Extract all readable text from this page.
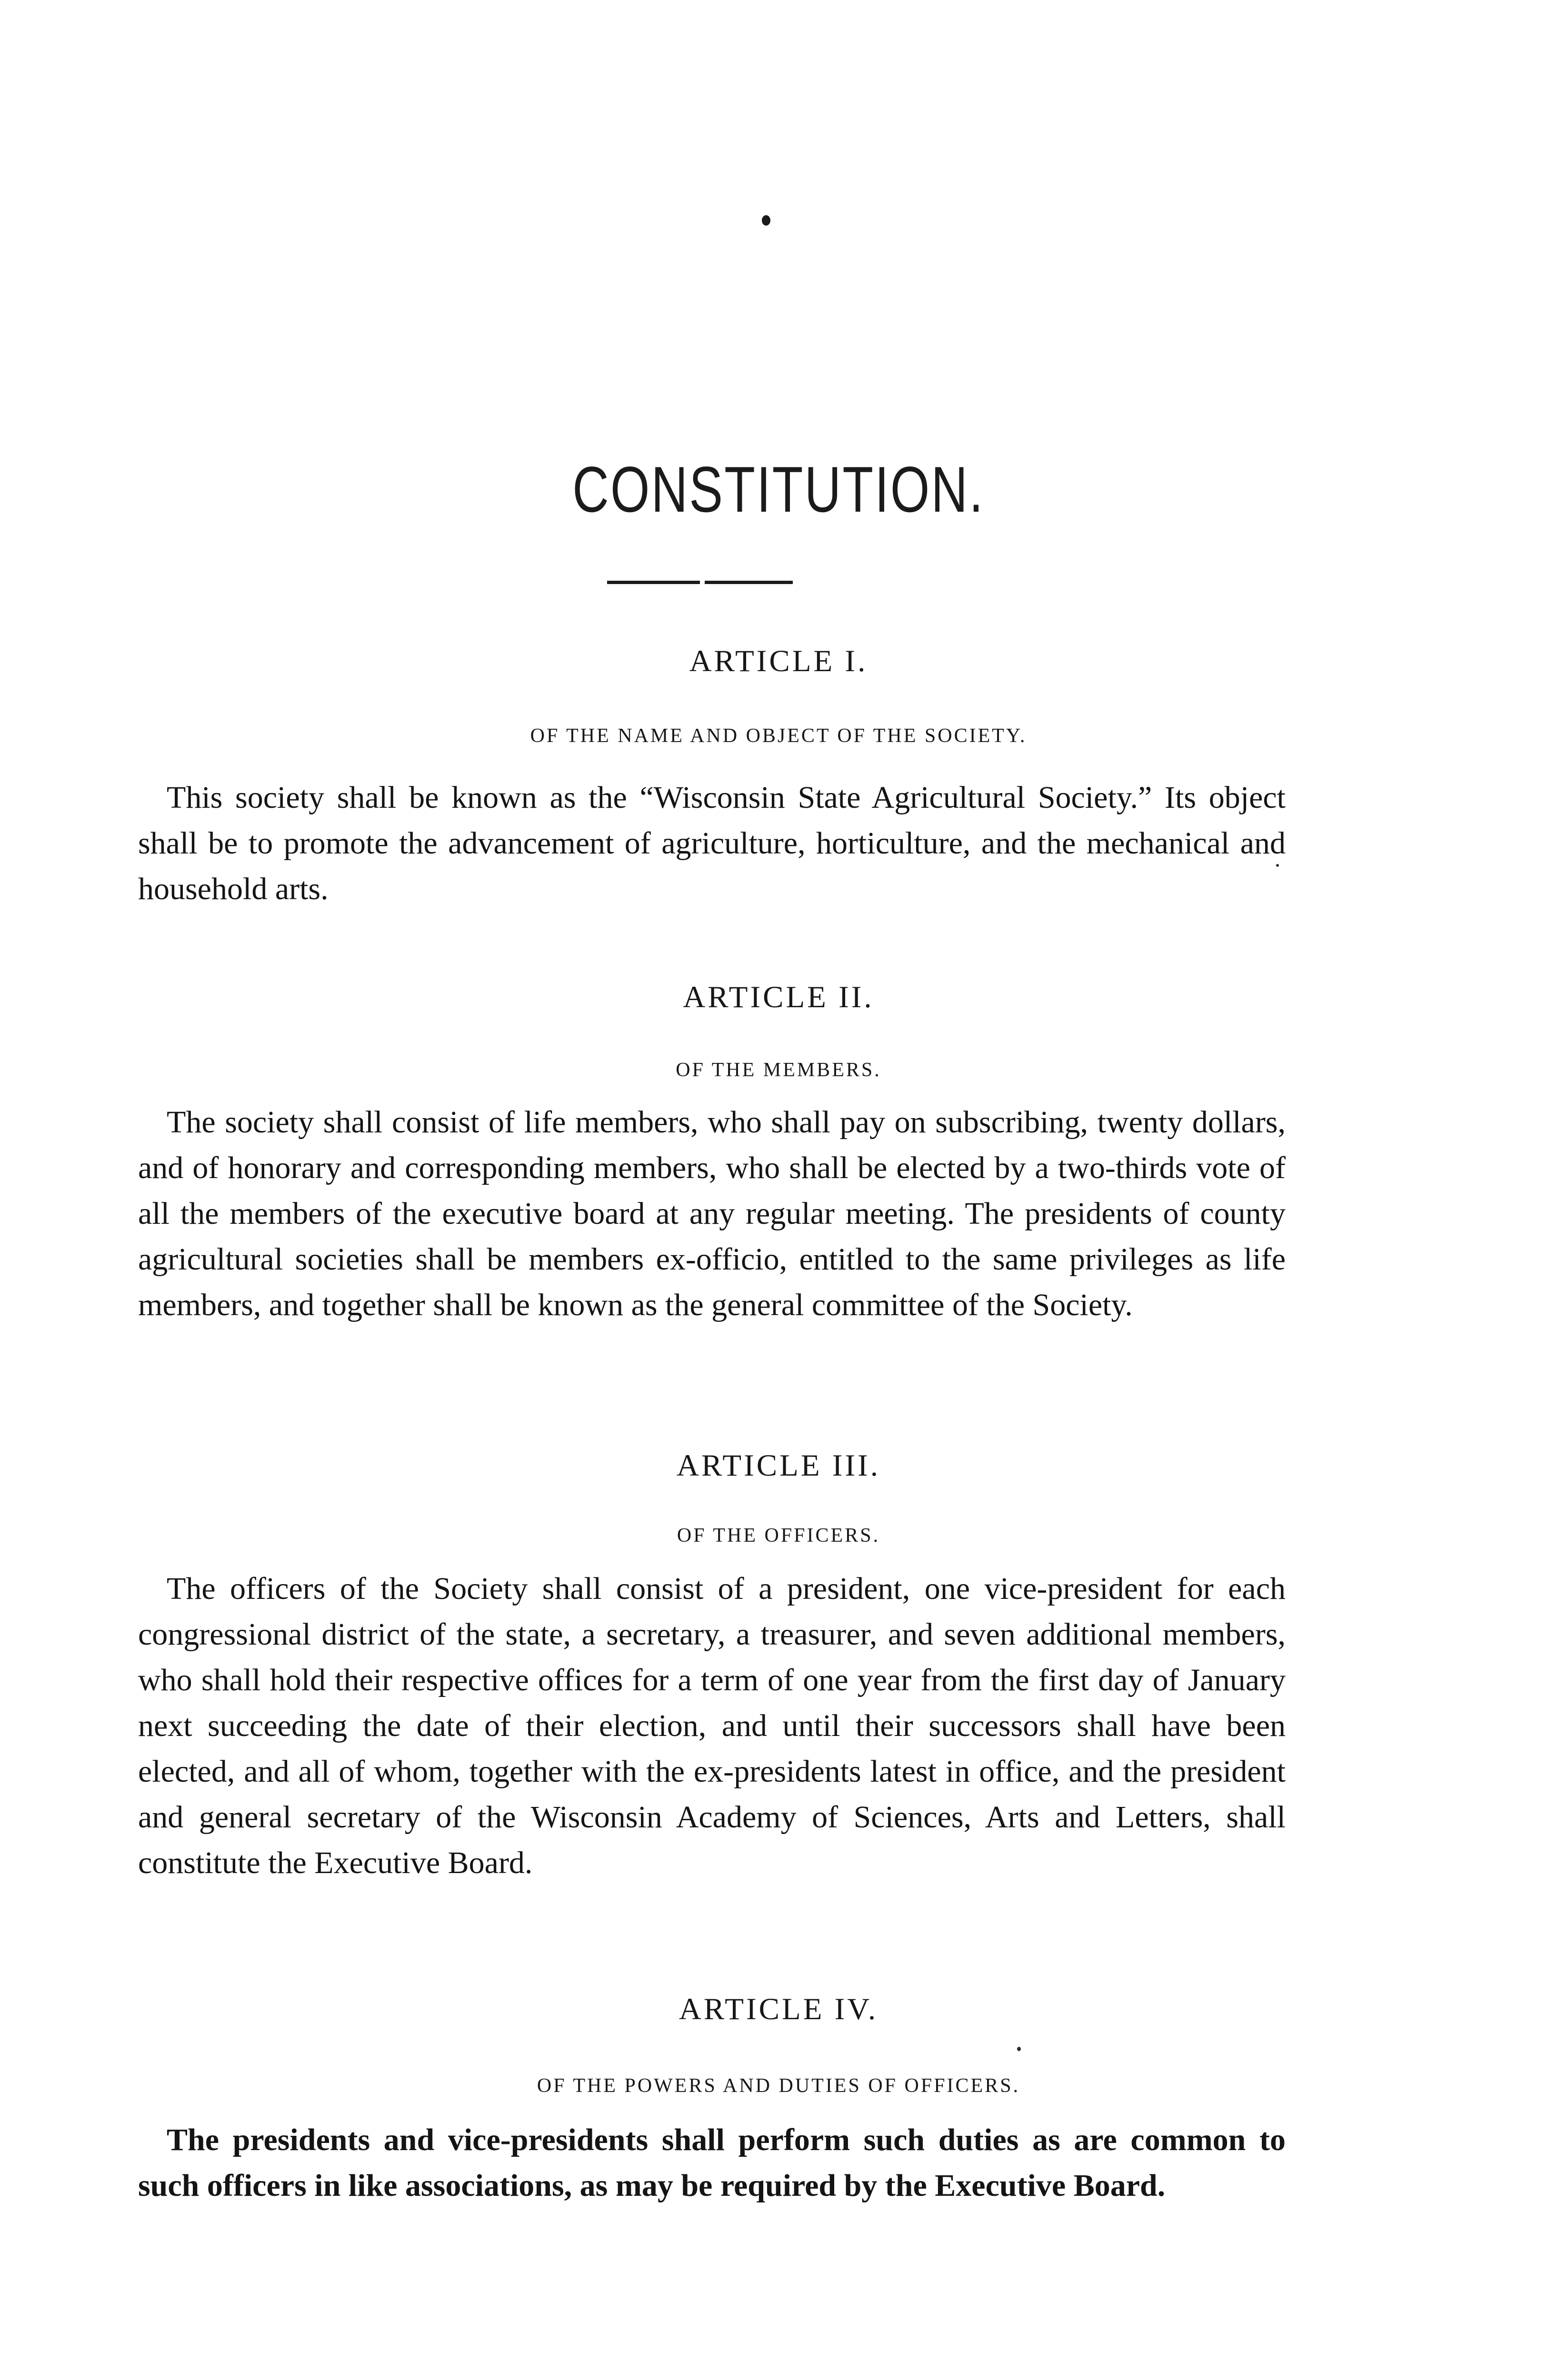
CONSTITUTION.
ARTICLE I.
OF THE NAME AND OBJECT OF THE SOCIETY.

This society shall be known as the “Wisconsin State Agricultural Society.” Its object shall be to promote the advancement of agriculture, horticulture, and the mechanical and household arts.

ARTICLE II.
OF THE MEMBERS.

The society shall consist of life members, who shall pay on subscribing, twenty dollars, and of honorary and corresponding members, who shall be elected by a two-thirds vote of all the members of the executive board at any regular meeting. The presidents of county agricultural societies shall be members ex-officio, entitled to the same privileges as life members, and together shall be known as the general committee of the Society.

ARTICLE III.
OF THE OFFICERS.

The officers of the Society shall consist of a president, one vice-president for each congressional district of the state, a secretary, a treasurer, and seven additional members, who shall hold their respective offices for a term of one year from the first day of January next succeeding the date of their election, and until their successors shall have been elected, and all of whom, together with the ex-presidents latest in office, and the president and general secretary of the Wisconsin Academy of Sciences, Arts and Letters, shall constitute the Executive Board.

ARTICLE IV.
OF THE POWERS AND DUTIES OF OFFICERS.

The presidents and vice-presidents shall perform such duties as are common to such officers in like associations, as may be required by the Executive Board.
